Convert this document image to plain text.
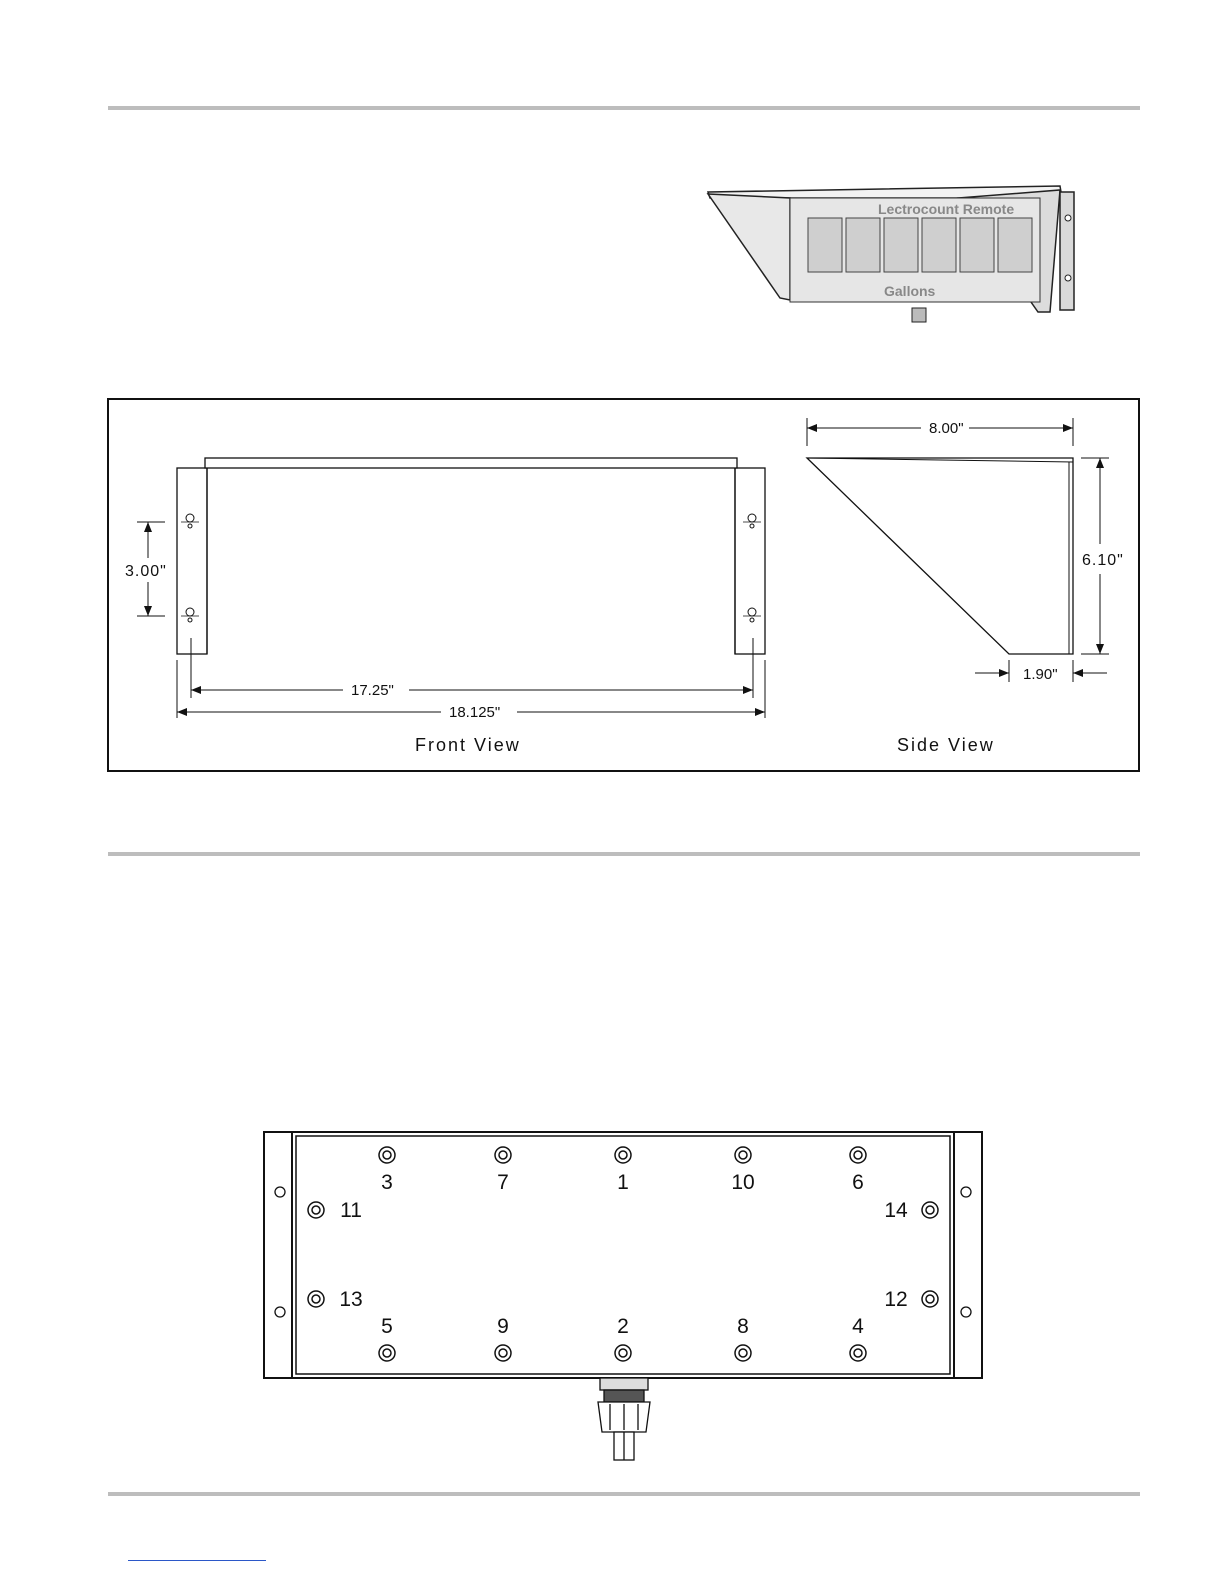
Lectrocount Remote
Gallons
3.00"
17.25"
18.125"
Front View
8.00"
6.10"
1.90"
Side View
3	7	1	10	6
11
13
14
12
5	9	2	8	4
